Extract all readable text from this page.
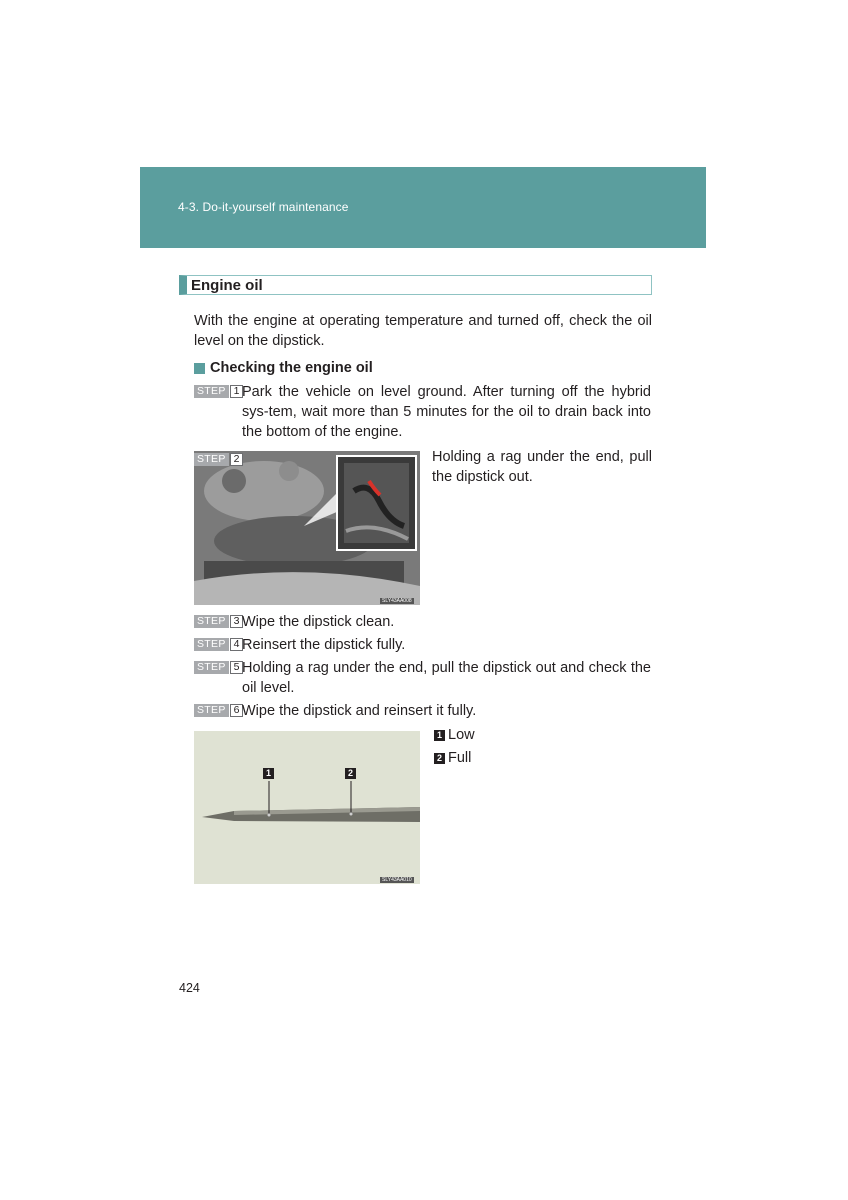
4-3. Do-it-yourself maintenance
Engine oil
With the engine at operating temperature and turned off, check the oil level on the dipstick.
Checking the engine oil
STEP 1 Park the vehicle on level ground. After turning off the hybrid sys-tem, wait more than 5 minutes for the oil to drain back into the bottom of the engine.
STEP 2
SLY43AA008
Holding a rag under the end, pull the dipstick out.
STEP 3 Wipe the dipstick clean.
STEP 4 Reinsert the dipstick fully.
STEP 5 Holding a rag under the end, pull the dipstick out and check the oil level.
STEP 6 Wipe the dipstick and reinsert it fully.
1	2
SLY43AA010
1 Low
2 Full
424
